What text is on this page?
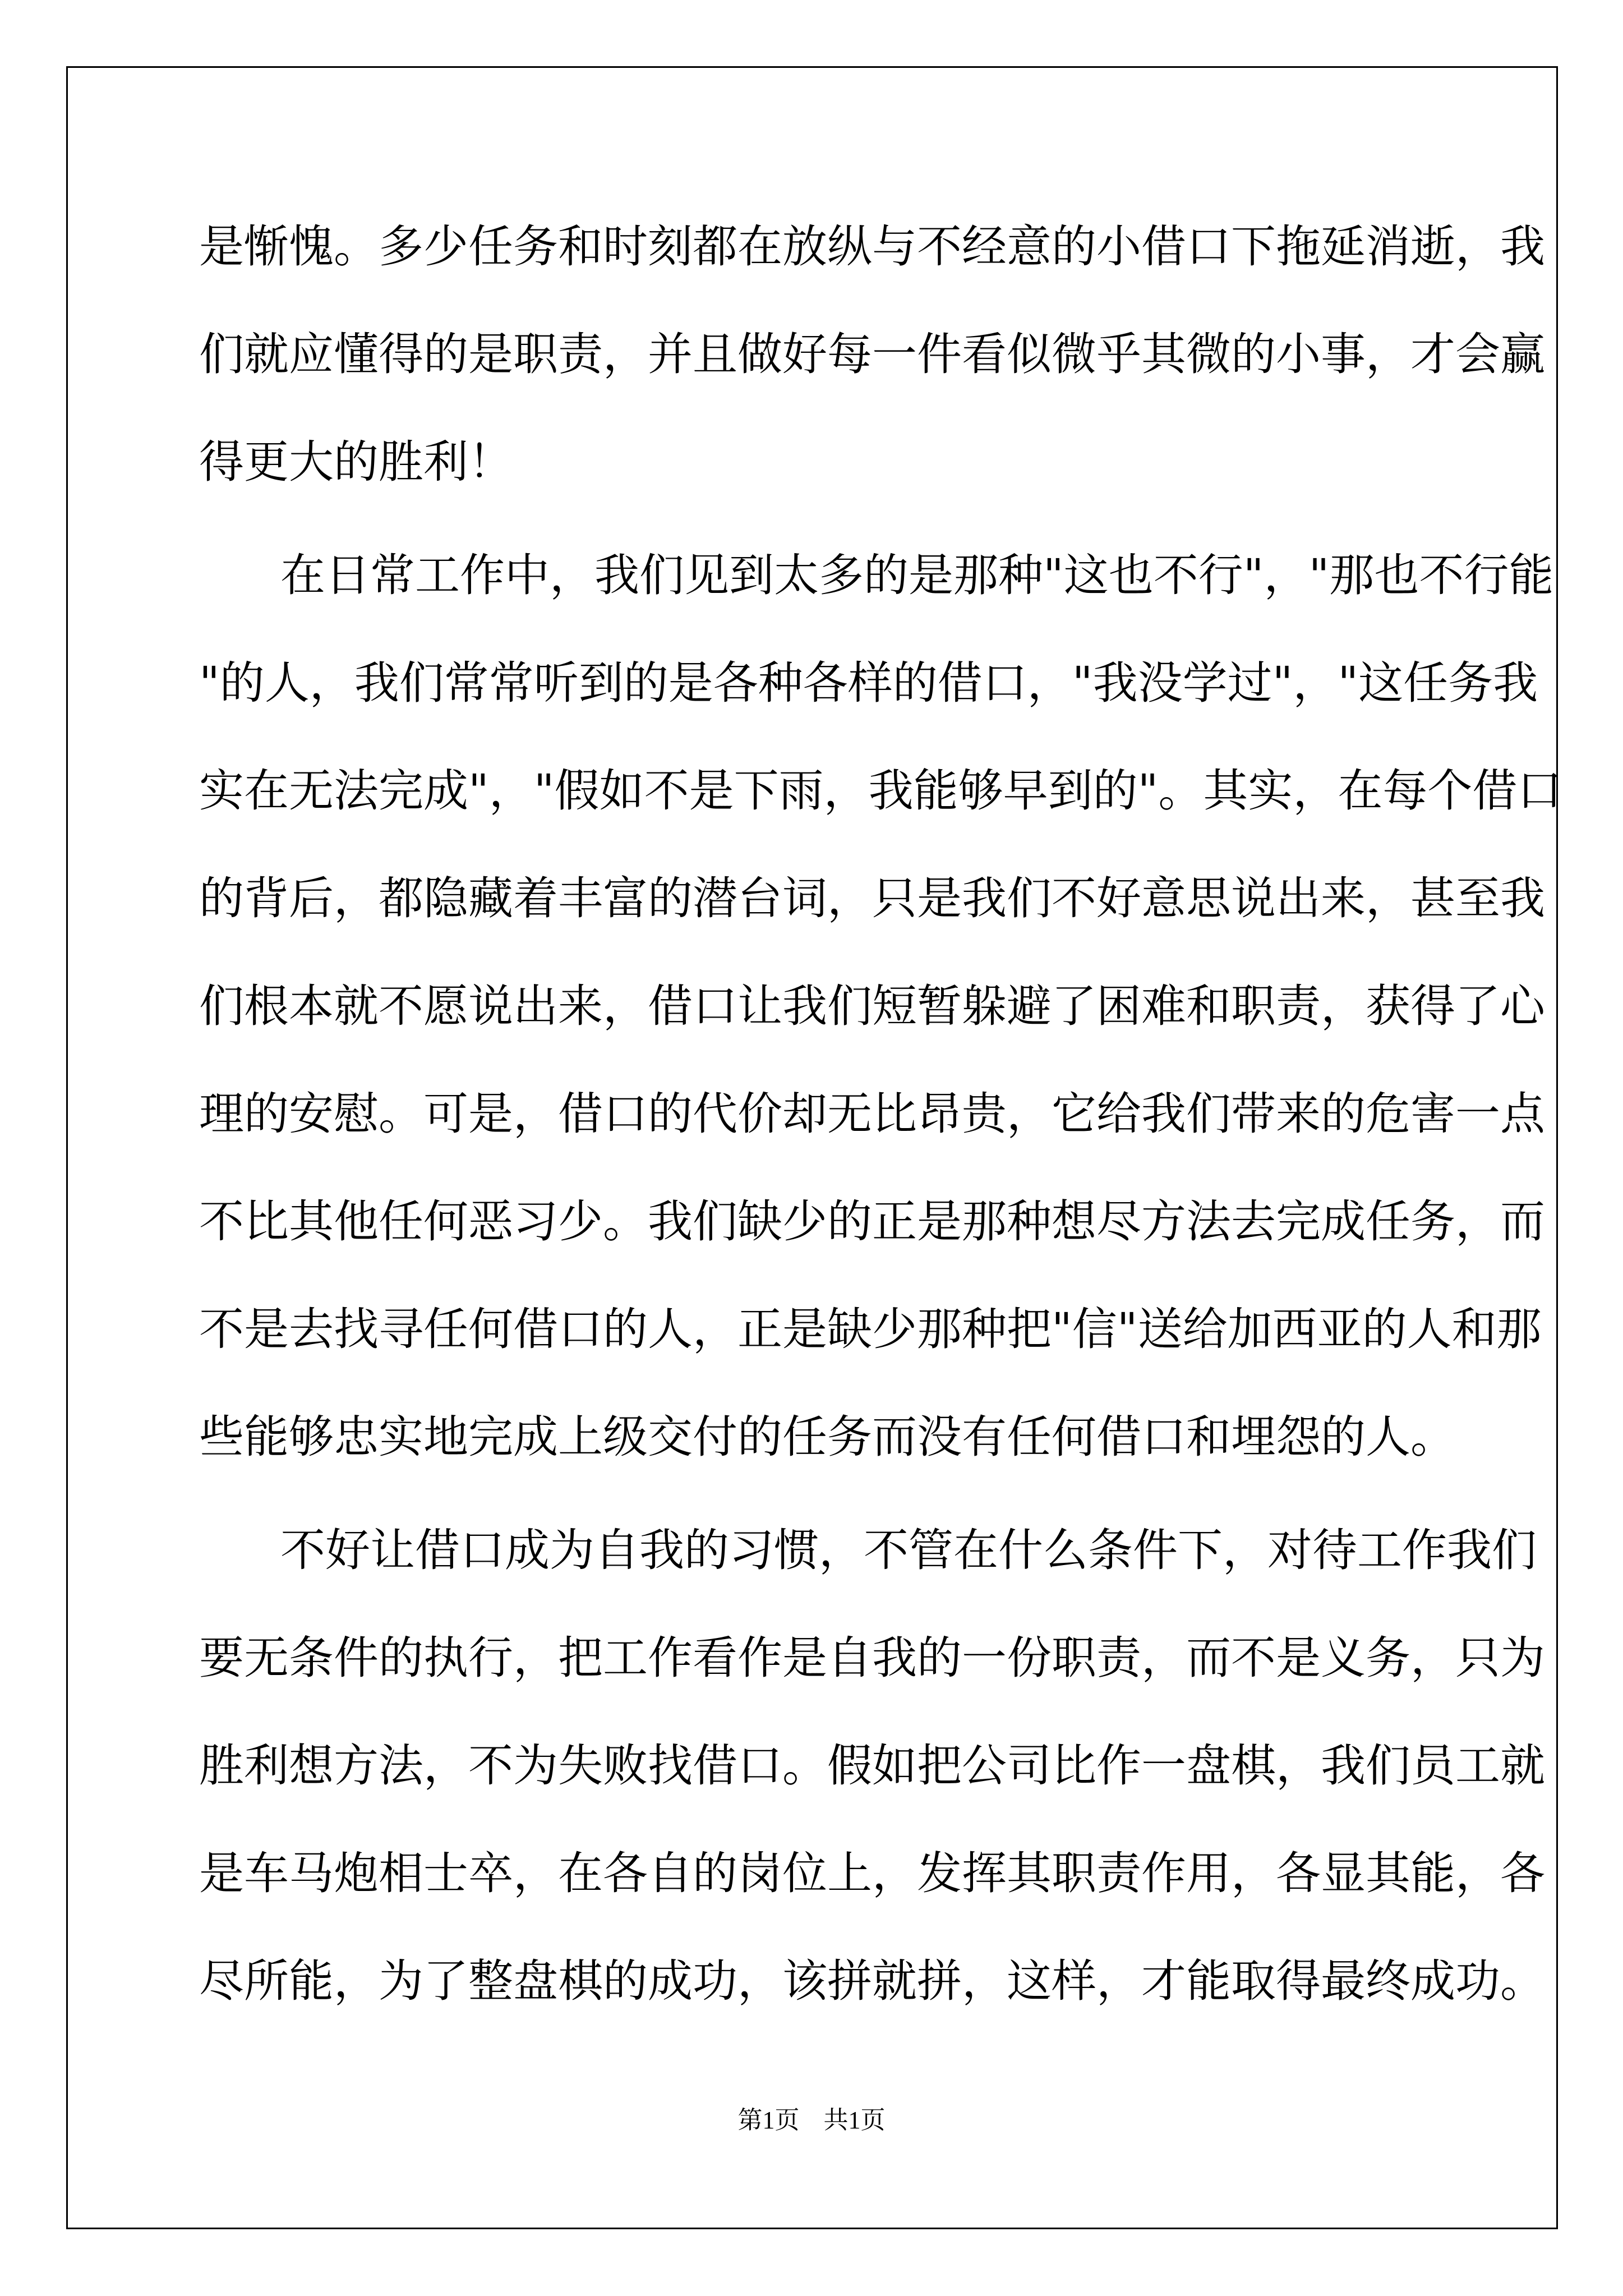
是惭愧。多少任务和时刻都在放纵与不经意的小借口下拖延消逝，我
们就应懂得的是职责，并且做好每一件看似微乎其微的小事，才会赢
得更大的胜利！
在日常工作中，我们见到太多的是那种"这也不行"，"那也不行能
"的人，我们常常听到的是各种各样的借口，"我没学过"，"这任务我
实在无法完成"，"假如不是下雨，我能够早到的"。其实，在每个借口
的背后，都隐藏着丰富的潜台词，只是我们不好意思说出来，甚至我
们根本就不愿说出来，借口让我们短暂躲避了困难和职责，获得了心
理的安慰。可是，借口的代价却无比昂贵，它给我们带来的危害一点
不比其他任何恶习少。我们缺少的正是那种想尽方法去完成任务，而
不是去找寻任何借口的人，正是缺少那种把"信"送给加西亚的人和那
些能够忠实地完成上级交付的任务而没有任何借口和埋怨的人。
不好让借口成为自我的习惯，不管在什么条件下，对待工作我们
要无条件的执行，把工作看作是自我的一份职责，而不是义务，只为
胜利想方法，不为失败找借口。假如把公司比作一盘棋，我们员工就
是车马炮相士卒，在各自的岗位上，发挥其职责作用，各显其能，各
尽所能，为了整盘棋的成功，该拼就拼，这样，才能取得最终成功。
第1页 共1页
